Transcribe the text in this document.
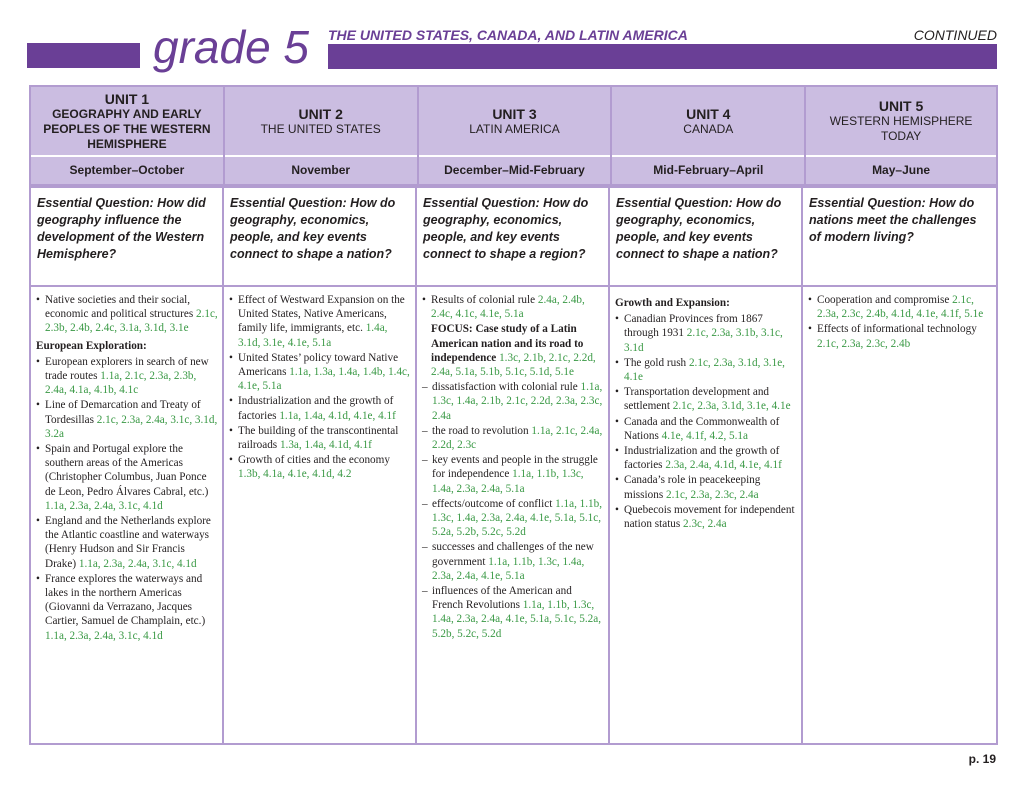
grade 5 THE UNITED STATES, CANADA, AND LATIN AMERICA	CONTINUED
UNIT 1
GEOGRAPHY AND EARLY PEOPLES OF THE WESTERN HEMISPHERE
September–October
UNIT 2
THE UNITED STATES
November
UNIT 3
LATIN AMERICA
December–Mid-February
UNIT 4
CANADA
Mid-February–April
UNIT 5
WESTERN HEMISPHERE TODAY
May–June
Essential Question: How did geography influence the development of the Western Hemisphere?
• Native societies and their social, economic and political structures 2.1c, 2.3b, 2.4b, 2.4c, 3.1a, 3.1d, 3.1e
European Exploration:
• European explorers in search of new trade routes 1.1a, 2.1c, 2.3a, 2.3b, 2.4a, 4.1a, 4.1b, 4.1c
• Line of Demarcation and Treaty of Tordesillas 2.1c, 2.3a, 2.4a, 3.1c, 3.1d, 3.2a
• Spain and Portugal explore the southern areas of the Americas (Christopher Columbus, Juan Ponce de Leon, Pedro Álvares Cabral, etc.) 1.1a, 2.3a, 2.4a, 3.1c, 4.1d
• England and the Netherlands explore the Atlantic coastline and waterways (Henry Hudson and Sir Francis Drake) 1.1a, 2.3a, 2.4a, 3.1c, 4.1d
• France explores the waterways and lakes in the northern Americas (Giovanni da Verrazano, Jacques Cartier, Samuel de Champlain, etc.) 1.1a, 2.3a, 2.4a, 3.1c, 4.1d
Essential Question: How do geography, economics, people, and key events connect to shape a nation?
• Effect of Westward Expansion on the United States, Native Americans, family life, immigrants, etc. 1.4a, 3.1d, 3.1e, 4.1e, 5.1a
• United States’ policy toward Native Americans 1.1a, 1.3a, 1.4a, 1.4b, 1.4c, 4.1e, 5.1a
• Industrialization and the growth of factories 1.1a, 1.4a, 4.1d, 4.1e, 4.1f
• The building of the transcontinental railroads 1.3a, 1.4a, 4.1d, 4.1f
• Growth of cities and the economy 1.3b, 4.1a, 4.1e, 4.1d, 4.2
Essential Question: How do geography, economics, people, and key events connect to shape a region?
• Results of colonial rule 2.4a, 2.4b, 2.4c, 4.1c, 4.1e, 5.1a
FOCUS: Case study of a Latin American nation and its road to independence 1.3c, 2.1b, 2.1c, 2.2d, 2.4a, 5.1a, 5.1b, 5.1c, 5.1d, 5.1e
– dissatisfaction with colonial rule 1.1a, 1.3c, 1.4a, 2.1b, 2.1c, 2.2d, 2.3a, 2.3c, 2.4a
– the road to revolution 1.1a, 2.1c, 2.4a, 2.2d, 2.3c
– key events and people in the struggle for independence 1.1a, 1.1b, 1.3c, 1.4a, 2.3a, 2.4a, 5.1a
– effects/outcome of conflict 1.1a, 1.1b, 1.3c, 1.4a, 2.3a, 2.4a, 4.1e, 5.1a, 5.1c, 5.2a, 5.2b, 5.2c, 5.2d
– successes and challenges of the new government 1.1a, 1.1b, 1.3c, 1.4a, 2.3a, 2.4a, 4.1e, 5.1a
– influences of the American and French Revolutions 1.1a, 1.1b, 1.3c, 1.4a, 2.3a, 2.4a, 4.1e, 5.1a, 5.1c, 5.2a, 5.2b, 5.2c, 5.2d
Essential Question: How do geography, economics, people, and key events connect to shape a nation?
Growth and Expansion:
• Canadian Provinces from 1867 through 1931 2.1c, 2.3a, 3.1b, 3.1c, 3.1d
• The gold rush 2.1c, 2.3a, 3.1d, 3.1e, 4.1e
• Transportation development and settlement 2.1c, 2.3a, 3.1d, 3.1e, 4.1e
• Canada and the Commonwealth of Nations 4.1e, 4.1f, 4.2, 5.1a
• Industrialization and the growth of factories 2.3a, 2.4a, 4.1d, 4.1e, 4.1f
• Canada’s role in peacekeeping missions 2.1c, 2.3a, 2.3c, 2.4a
• Quebecois movement for independent nation status 2.3c, 2.4a
Essential Question: How do nations meet the challenges of modern living?
• Cooperation and compromise 2.1c, 2.3a, 2.3c, 2.4b, 4.1d, 4.1e, 4.1f, 5.1e
• Effects of informational technology 2.1c, 2.3a, 2.3c, 2.4b
p. 19
